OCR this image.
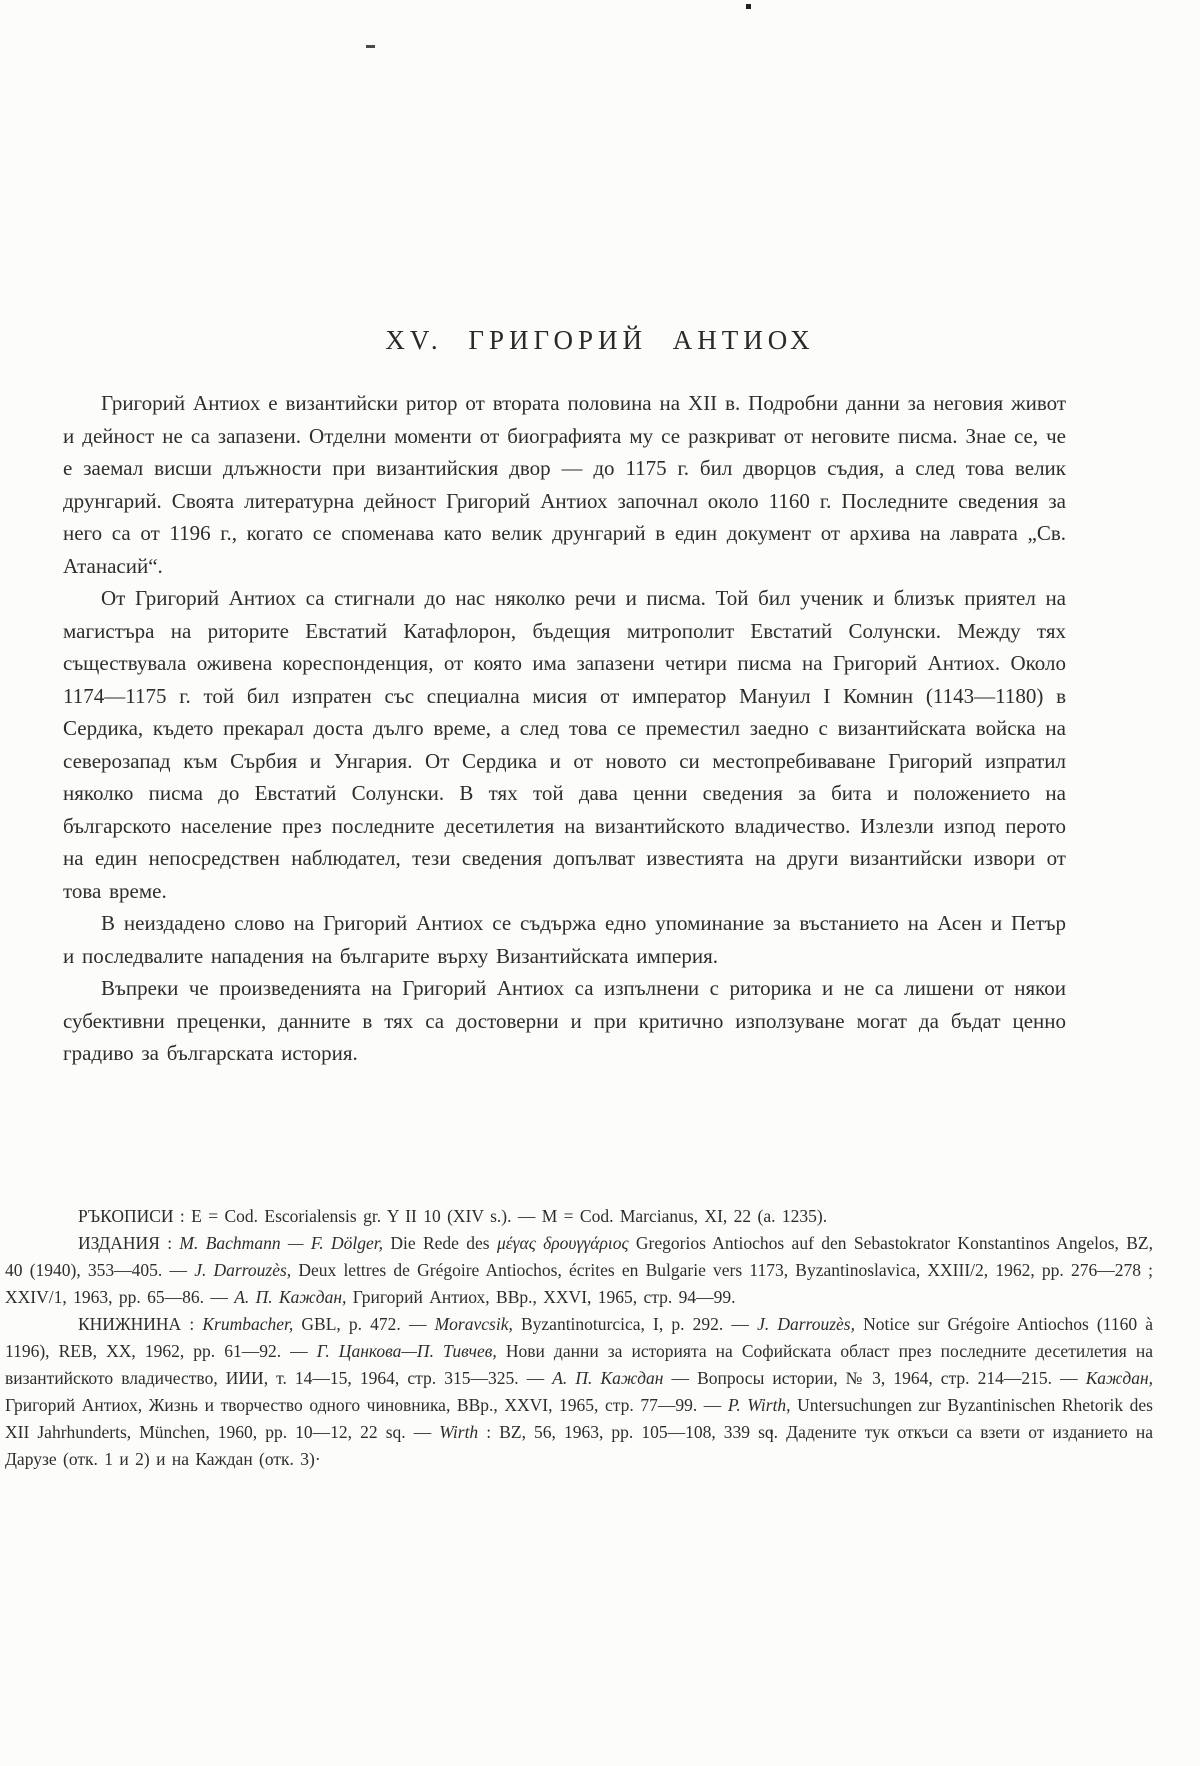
XV. ГРИГОРИЙ АНТИОХ

Григорий Антиох е византийски ритор от втората половина на XII в. Подробни данни за неговия живот и дейност не са запазени. Отделни моменти от биографията му се разкриват от неговите писма. Знае се, че е заемал висши длъжности при византийския двор — до 1175 г. бил дворцов съдия, а след това велик друнгарий. Своята литературна дейност Григорий Антиох започнал около 1160 г. Последните сведения за него са от 1196 г., когато се споменава като велик друнгарий в един документ от архива на лаврата „Св. Атанасий“.

От Григорий Антиох са стигнали до нас няколко речи и писма. Той бил ученик и близък приятел на магистъра на риторите Евстатий Катафлорон, бъдещия митрополит Евстатий Солунски. Между тях съществувала оживена кореспонденция, от която има запазени четири писма на Григорий Антиох. Около 1174—1175 г. той бил изпратен със специална мисия от император Мануил I Комнин (1143—1180) в Сердика, където прекарал доста дълго време, а след това се преместил заедно с византийската войска на северозапад към Сърбия и Унгария. От Сердика и от новото си местопребиваване Григорий изпратил няколко писма до Евстатий Солунски. В тях той дава ценни сведения за бита и положението на българското население през последните десетилетия на византийското владичество. Излезли изпод перото на един непосредствен наблюдател, тези сведения допълват известията на други византийски извори от това време.

В неиздадено слово на Григорий Антиох се съдържа едно упоминание за въстанието на Асен и Петър и последвалите нападения на българите върху Византийската империя.

Въпреки че произведенията на Григорий Антиох са изпълнени с риторика и не са лишени от някои субективни преценки, данните в тях са достоверни и при критично използуване могат да бъдат ценно градиво за българската история.

РЪКОПИСИ : Е = Cod. Escorialensis gr. Y II 10 (XIV s.). — М = Cod. Marcianus, XI, 22 (a. 1235).

ИЗДАНИЯ : М. Bachmann — F. Dölger, Die Rede des μέγας δρουγγάριος Gregorios Antiochos auf den Sebastokrator Konstantinos Angelos, BZ, 40 (1940), 353—405. — J. Darrouzès, Deux lettres de Grégoire Antiochos, écrites en Bulgarie vers 1173, Byzantinoslavica, XXIII/2, 1962, pp. 276—278 ; XXIV/1, 1963, pp. 65—86. — А. П. Каждан, Григорий Антиох, ВВр., XXVI, 1965, стр. 94—99.

КНИЖНИНА : Krumbacher, GBL, p. 472. — Moravcsik, Byzantinoturcica, I, p. 292. — J. Darrouzès, Notice sur Grégoire Antiochos (1160 à 1196), REB, XX, 1962, pp. 61—92. — Г. Цанкова—П. Тивчев, Нови данни за историята на Софийската област през последните десетилетия на византийското владичество, ИИИ, т. 14—15, 1964, стр. 315—325. — А. П. Каждан — Вопросы истории, № 3, 1964, стр. 214—215. — Каждан, Григорий Антиох, Жизнь и творчество одного чиновника, ВВр., XXVI, 1965, стр. 77—99. — P. Wirth, Untersuchungen zur Byzantinischen Rhetorik des XII Jahrhunderts, München, 1960, pp. 10—12, 22 sq. — Wirth : BZ, 56, 1963, pp. 105—108, 339 sq. Дадените тук откъси са взети от изданието на Дарузе (отк. 1 и 2) и на Каждан (отк. 3)·
